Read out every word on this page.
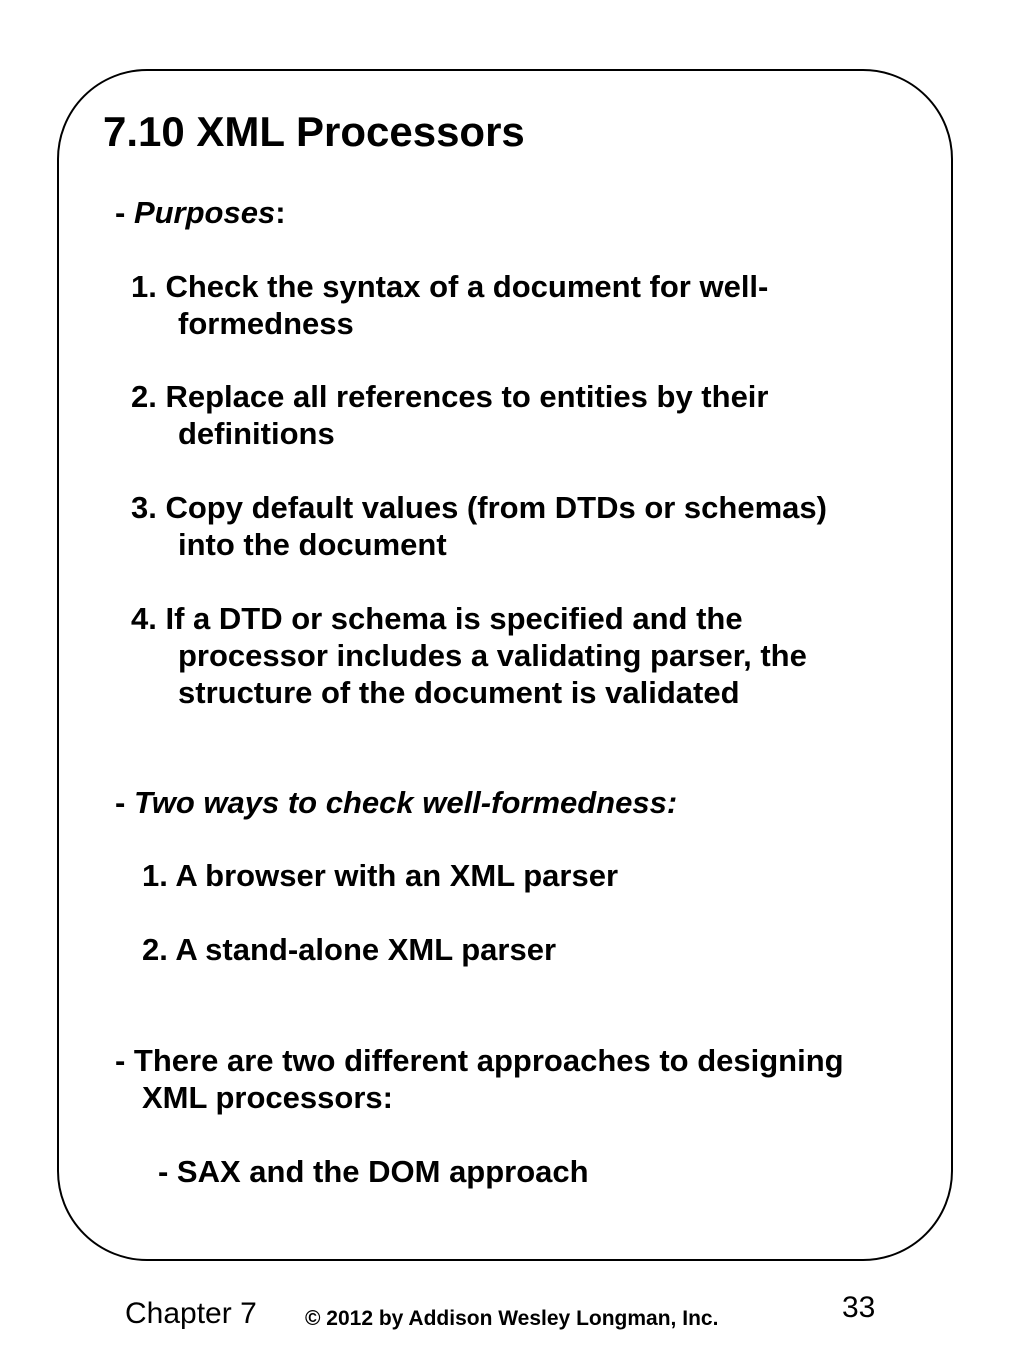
7.10 XML Processors
- Purposes:
1. Check the syntax of a document for well-
formedness
2. Replace all references to entities by their
definitions
3. Copy default values (from DTDs or schemas)
into the document
4. If a DTD or schema is specified and the
processor includes a validating parser, the
structure of the document is validated
- Two ways to check well-formedness:
1. A browser with an XML parser
2. A stand-alone XML parser
- There are two different approaches to designing
XML processors:
- SAX and the DOM approach
Chapter 7 © 2012 by Addison Wesley Longman, Inc.	33
